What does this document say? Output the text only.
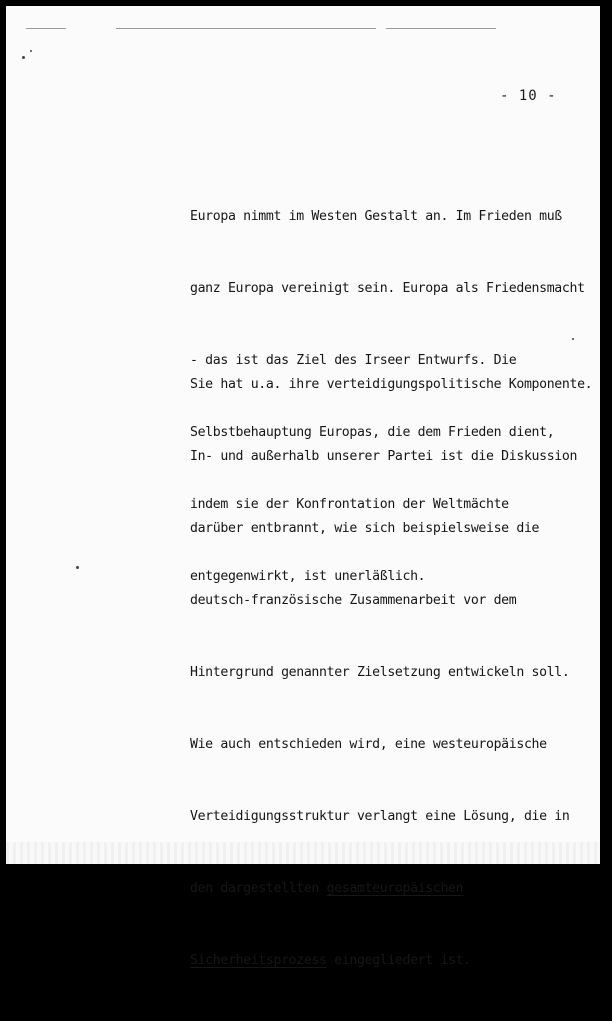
- 10 -

Europa nimmt im Westen Gestalt an. Im Frieden muß

ganz Europa vereinigt sein. Europa als Friedensmacht

- das ist das Ziel des Irseer Entwurfs. Die

Selbstbehauptung Europas, die dem Frieden dient,

indem sie der Konfrontation der Weltmächte

entgegenwirkt, ist unerläßlich.

Sie hat u.a. ihre verteidigungspolitische Komponente.

In- und außerhalb unserer Partei ist die Diskussion

darüber entbrannt, wie sich beispielsweise die

deutsch-französische Zusammenarbeit vor dem

Hintergrund genannter Zielsetzung entwickeln soll.

Wie auch entschieden wird, eine westeuropäische

Verteidigungsstruktur verlangt eine Lösung, die in

den dargestellten gesamteuropäischen

Sicherheitsprozess eingegliedert ist.
